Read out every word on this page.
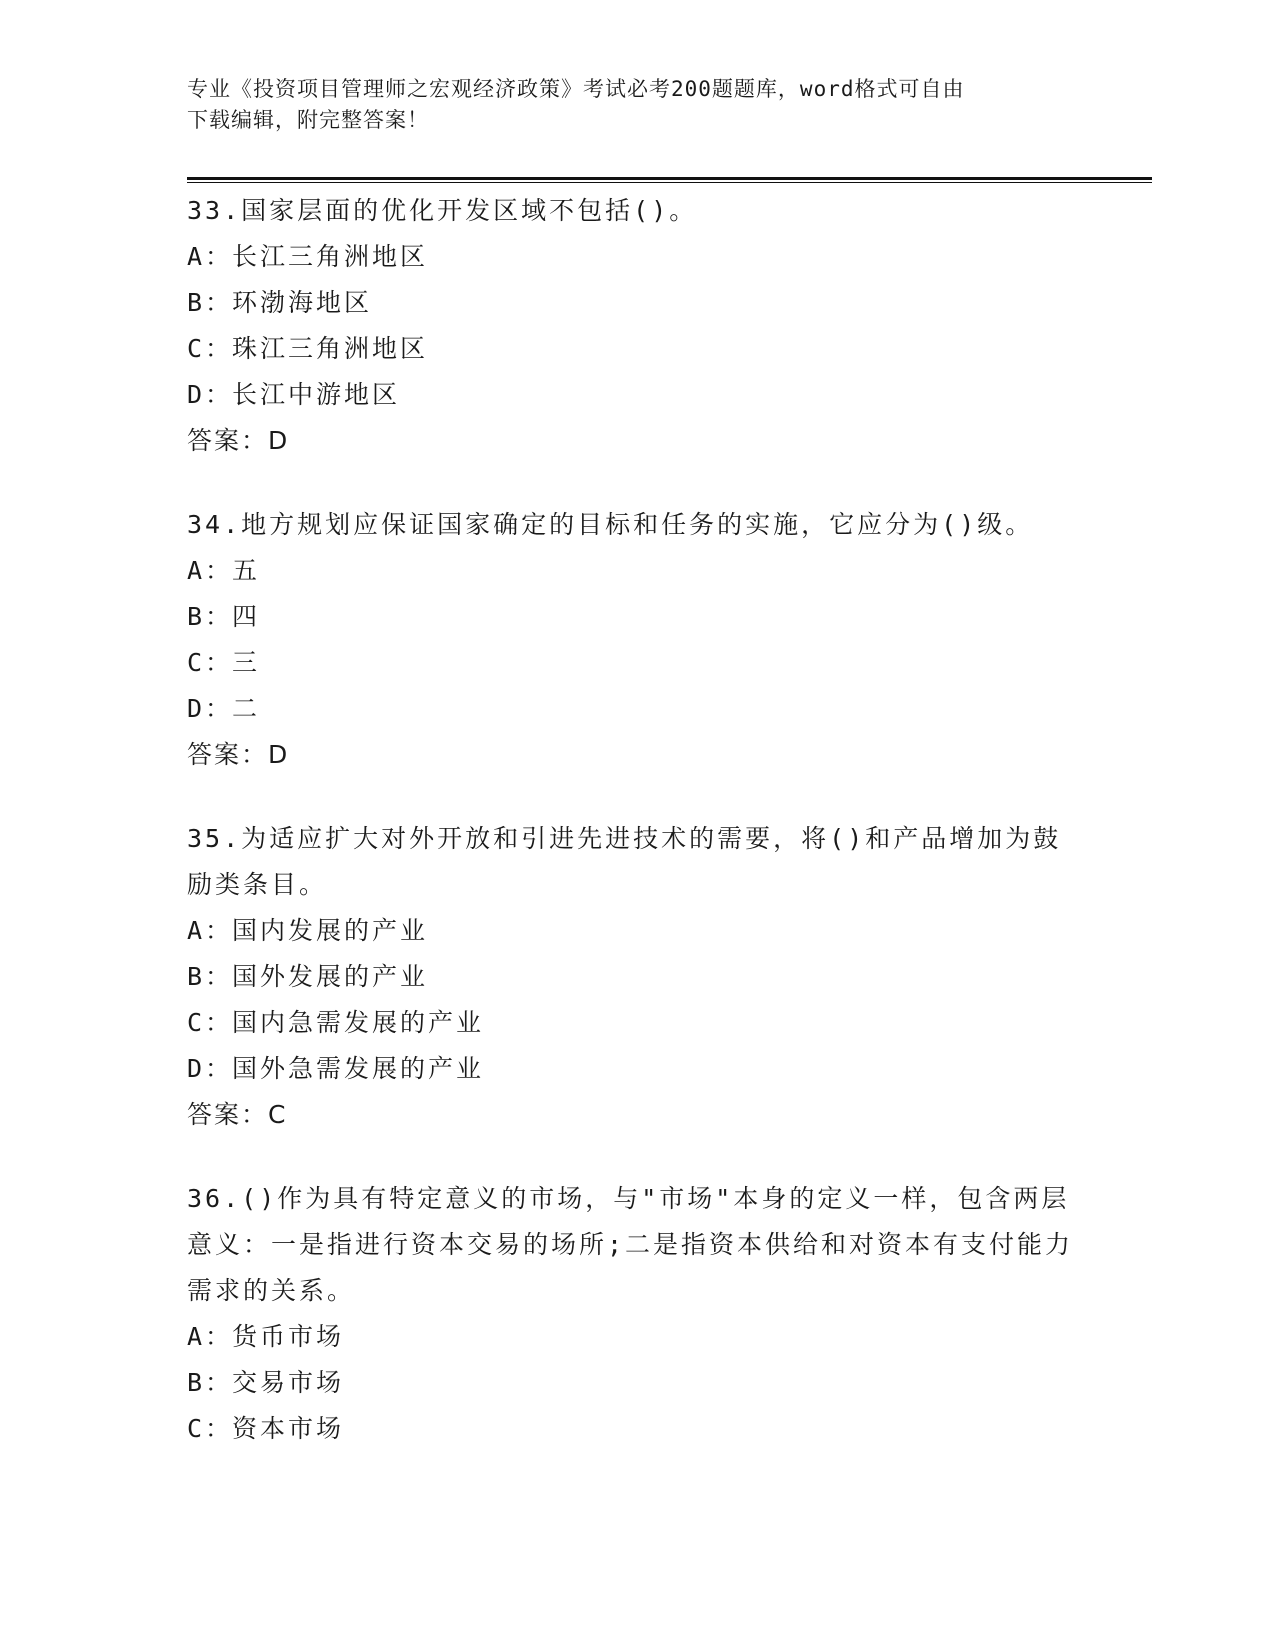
专业《投资项目管理师之宏观经济政策》考试必考200题题库，word格式可自由
下载编辑，附完整答案！
33.国家层面的优化开发区域不包括()。
A：长江三角洲地区
B：环渤海地区
C：珠江三角洲地区
D：长江中游地区
答案：D
34.地方规划应保证国家确定的目标和任务的实施，它应分为()级。
A：五
B：四
C：三
D：二
答案：D
35.为适应扩大对外开放和引进先进技术的需要，将()和产品增加为鼓励类条目。
A：国内发展的产业
B：国外发展的产业
C：国内急需发展的产业
D：国外急需发展的产业
答案：C
36.()作为具有特定意义的市场，与"市场"本身的定义一样，包含两层意义：一是指进行资本交易的场所;二是指资本供给和对资本有支付能力需求的关系。
A：货币市场
B：交易市场
C：资本市场
